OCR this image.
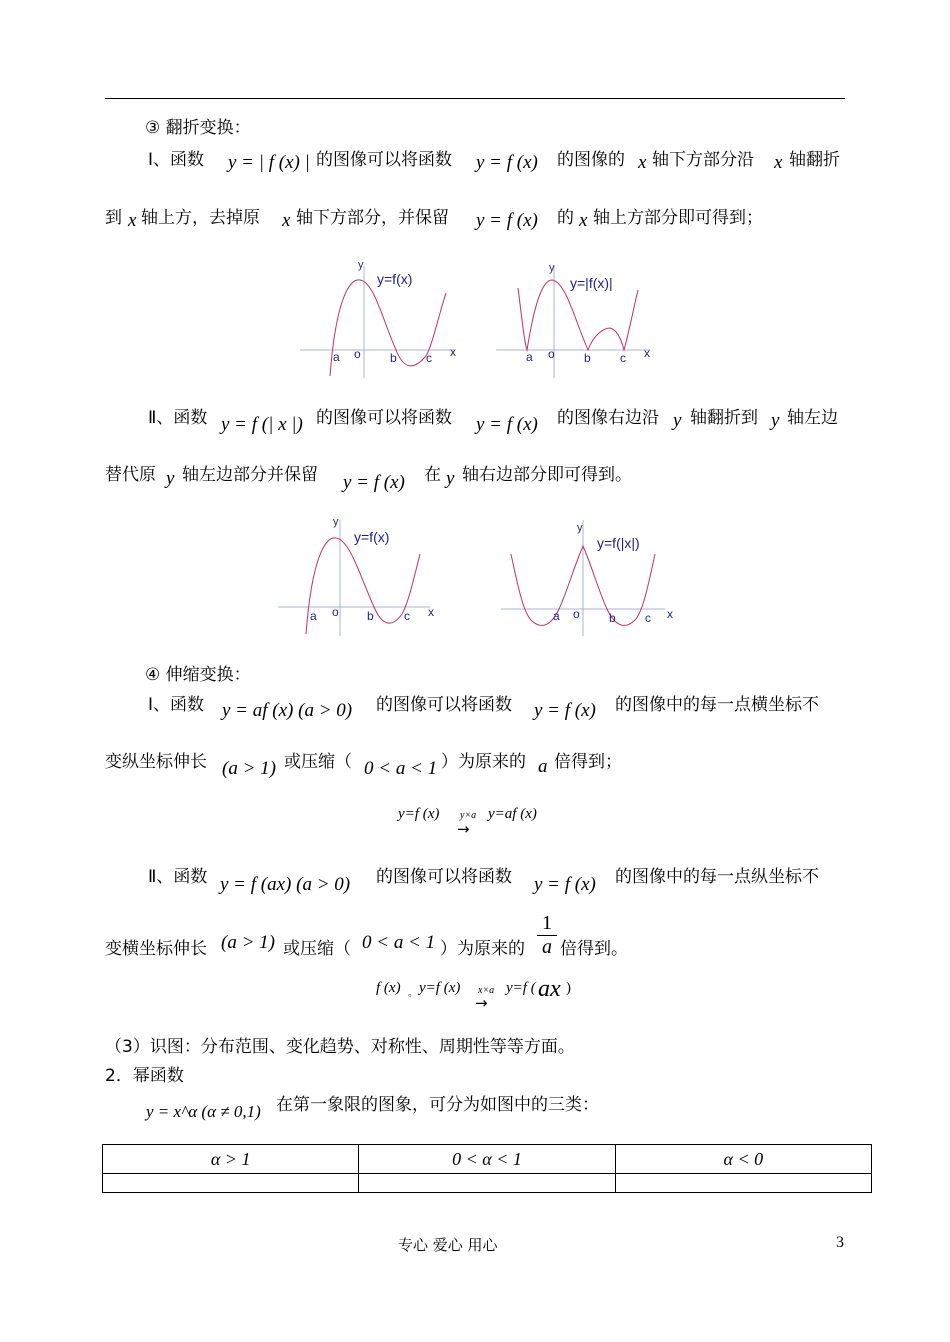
③ 翻折变换：
Ⅰ、函数 y = | f (x) | 的图像可以将函数 y = f (x) 的图像的 x 轴下方部分沿 x 轴翻折
到 x 轴上方，去掉原 x 轴下方部分，并保留 y = f (x) 的 x 轴上方部分即可得到；
y
y=f(x)
a o b c x
y
y=|f(x)|
a o b c x
Ⅱ、函数 y = f (| x |) 的图像可以将函数 y = f (x) 的图像右边沿 y 轴翻折到 y 轴左边
替代原 y 轴左边部分并保留 y = f (x) 在 y 轴右边部分即可得到。
y
y=f(x)
a o b	c x
y
y=f(|x|)
a o b c x
④ 伸缩变换：
Ⅰ、函数 y = af (x) (a > 0) 的图像可以将函数 y = f (x) 的图像中的每一点横坐标不
变纵坐标伸长 (a > 1) 或压缩（ 0 < a < 1 ）为原来的 a 倍得到；
y=f (x) y×a
→
y=af (x)
Ⅱ、函数 y = f (ax) (a > 0) 的图像可以将函数 y = f (x) 的图像中的每一点纵坐标不
变横坐标伸长 (a > 1) 或压缩（ 0 < a < 1 ）为原来的 $\frac{1}{a}$ 倍得到。
f (x) 。 y=f (x) x×a
→
y=f ( ax )
（3）识图：分布范围、变化趋势、对称性、周期性等等方面。
2．幂函数
y = x^α (α ≠ 0,1) 在第一象限的图象，可分为如图中的三类：
α > 1	0 < α < 1	α < 0

专心 爱心 用心	3
